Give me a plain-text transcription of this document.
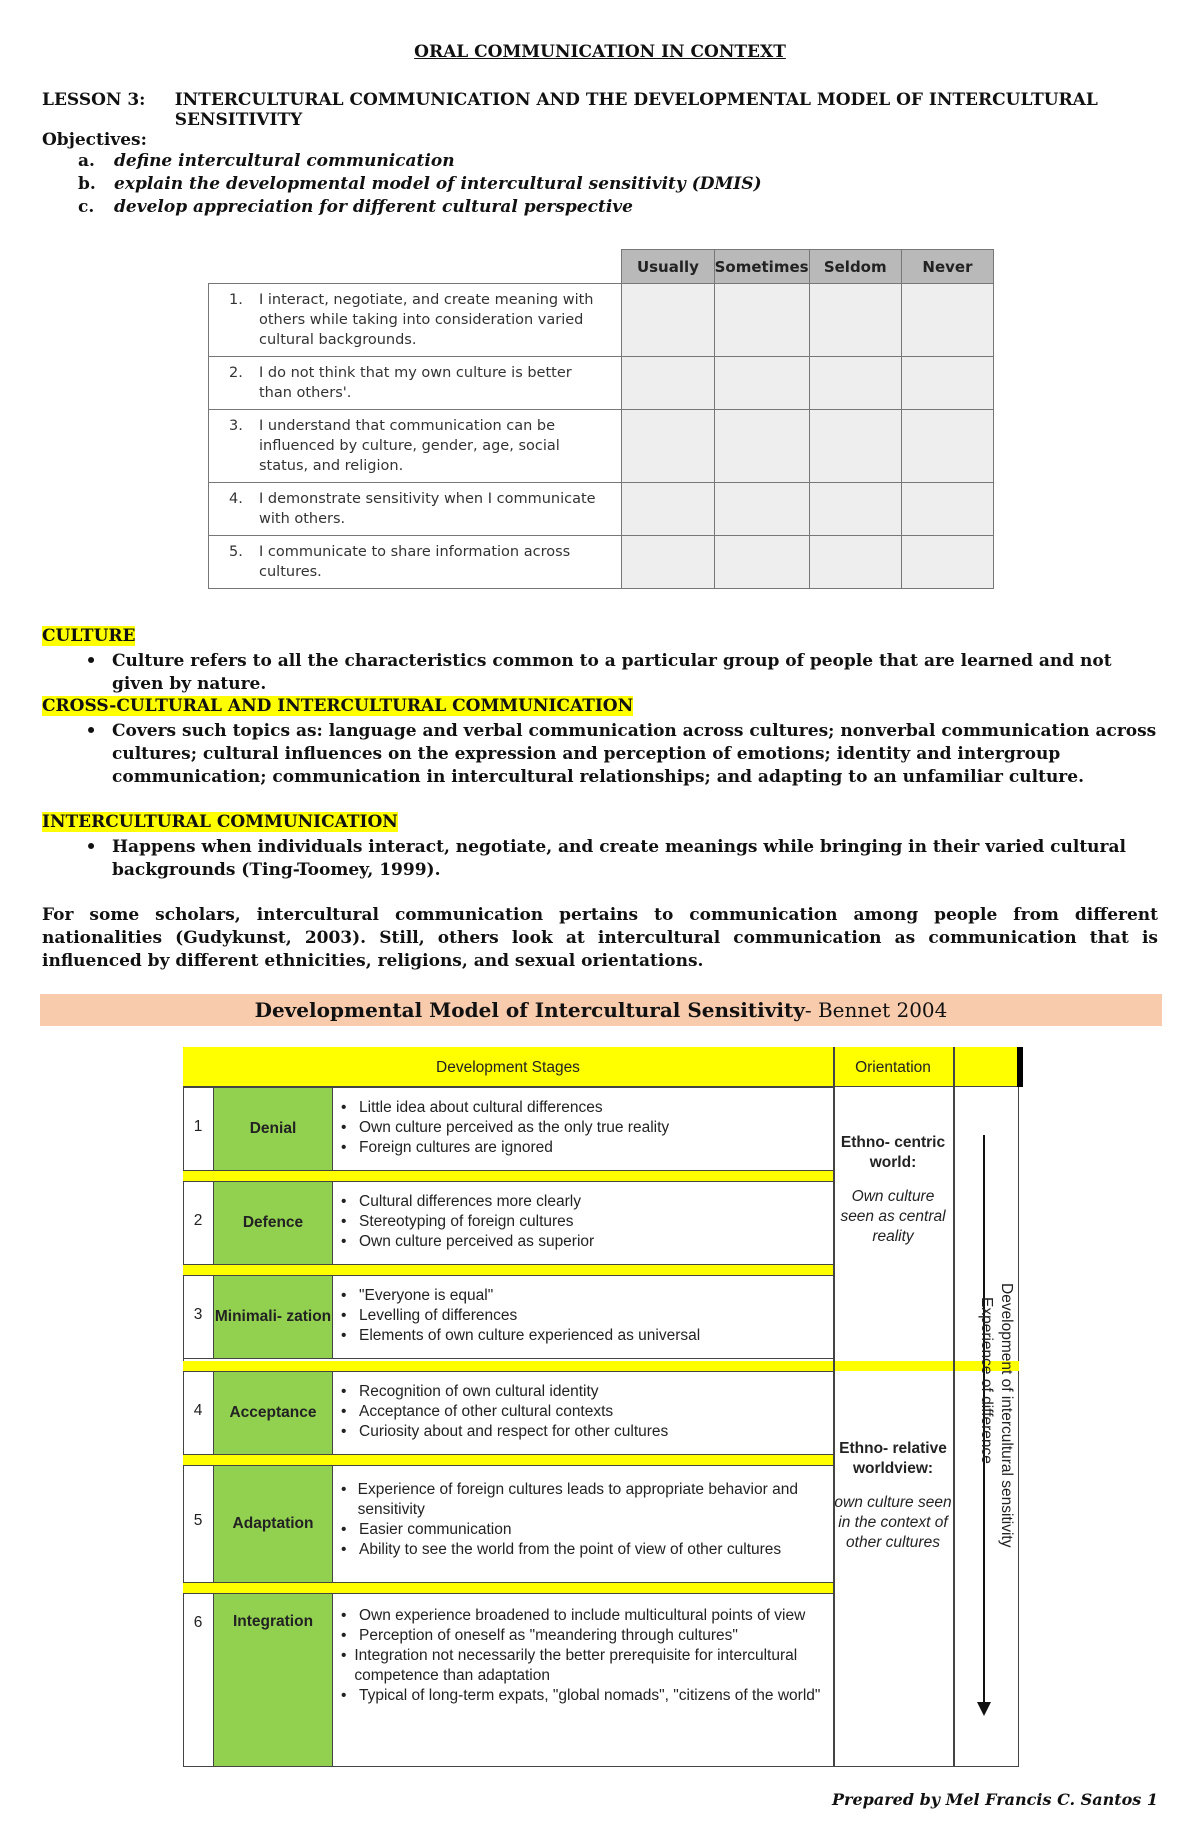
ORAL COMMUNICATION IN CONTEXT
LESSON 3:	INTERCULTURAL COMMUNICATION AND THE DEVELOPMENTAL MODEL OF INTERCULTURAL SENSITIVITY
Objectives:
a.	define intercultural communication
b.	explain the developmental model of intercultural sensitivity (DMIS)
c.	develop appreciation for different cultural perspective
	Usually	Sometimes	Seldom	Never
1. I interact, negotiate, and create meaning with others while taking into consideration varied cultural backgrounds.				
2. I do not think that my own culture is better than others'.				
3. I understand that communication can be influenced by culture, gender, age, social status, and religion.				
4. I demonstrate sensitivity when I communicate with others.				
5. I communicate to share information across cultures.				
CULTURE
• Culture refers to all the characteristics common to a particular group of people that are learned and not given by nature.
CROSS-CULTURAL AND INTERCULTURAL COMMUNICATION
• Covers such topics as: language and verbal communication across cultures; nonverbal communication across cultures; cultural influences on the expression and perception of emotions; identity and intergroup communication; communication in intercultural relationships; and adapting to an unfamiliar culture.
INTERCULTURAL COMMUNICATION
• Happens when individuals interact, negotiate, and create meanings while bringing in their varied cultural backgrounds (Ting-Toomey, 1999).
For some scholars, intercultural communication pertains to communication among people from different nationalities (Gudykunst, 2003). Still, others look at intercultural communication as communication that is influenced by different ethnicities, religions, and sexual orientations.
Developmental Model of Intercultural Sensitivity- Bennet 2004
Development Stages	Orientation
1	Denial
• Little idea about cultural differences
• Own culture perceived as the only true reality
• Foreign cultures are ignored
2	Defence
• Cultural differences more clearly
• Stereotyping of foreign cultures
• Own culture perceived as superior
3 Minimali- zation
• "Everyone is equal"
• Levelling of differences
• Elements of own culture experienced as universal
4	Acceptance
• Recognition of own cultural identity
• Acceptance of other cultural contexts
• Curiosity about and respect for other cultures
5	Adaptation
• Experience of foreign cultures leads to appropriate behavior and sensitivity
• Easier communication
• Ability to see the world from the point of view of other cultures
6	Integration	• Own experience broadened to include multicultural points of view
• Perception of oneself as "meandering through cultures"
• Integration not necessarily the better prerequisite for intercultural competence than adaptation
• Typical of long-term expats, "global nomads", "citizens of the world"
Ethno- centric world:
Own culture seen as central reality
Ethno- relative worldview:
own culture seen in the context of other cultures	Development of intercultural sensitivity
Experience of difference
Prepared by Mel Francis C. Santos 1
